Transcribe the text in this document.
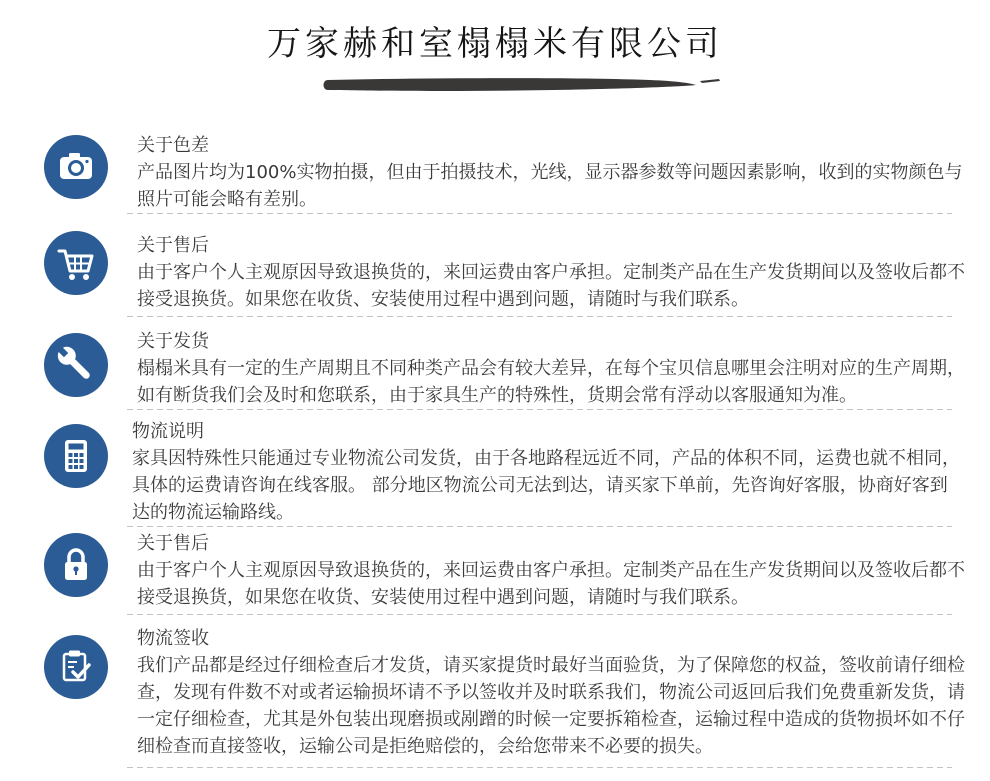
万家赫和室榻榻米有限公司
关于色差
产品图片均为100%实物拍摄，但由于拍摄技术，光线，显示器参数等问题因素影响，收到的实物颜色与
照片可能会略有差别。
关于售后
由于客户个人主观原因导致退换货的，来回运费由客户承担。定制类产品在生产发货期间以及签收后都不
接受退换货。如果您在收货、安装使用过程中遇到问题，请随时与我们联系。
关于发货
榻榻米具有一定的生产周期且不同种类产品会有较大差异，在每个宝贝信息哪里会注明对应的生产周期，
如有断货我们会及时和您联系，由于家具生产的特殊性，货期会常有浮动以客服通知为准。
物流说明
家具因特殊性只能通过专业物流公司发货，由于各地路程远近不同，产品的体积不同，运费也就不相同，
具体的运费请咨询在线客服。 部分地区物流公司无法到达，请买家下单前，先咨询好客服，协商好客到
达的物流运输路线。
关于售后
由于客户个人主观原因导致退换货的，来回运费由客户承担。定制类产品在生产发货期间以及签收后都不
接受退换货，如果您在收货、安装使用过程中遇到问题，请随时与我们联系。
物流签收
我们产品都是经过仔细检查后才发货，请买家提货时最好当面验货，为了保障您的权益，签收前请仔细检
查，发现有件数不对或者运输损坏请不予以签收并及时联系我们，物流公司返回后我们免费重新发货，请
一定仔细检查，尤其是外包装出现磨损或剐蹭的时候一定要拆箱检查，运输过程中造成的货物损坏如不仔
细检查而直接签收，运输公司是拒绝赔偿的，会给您带来不必要的损失。
